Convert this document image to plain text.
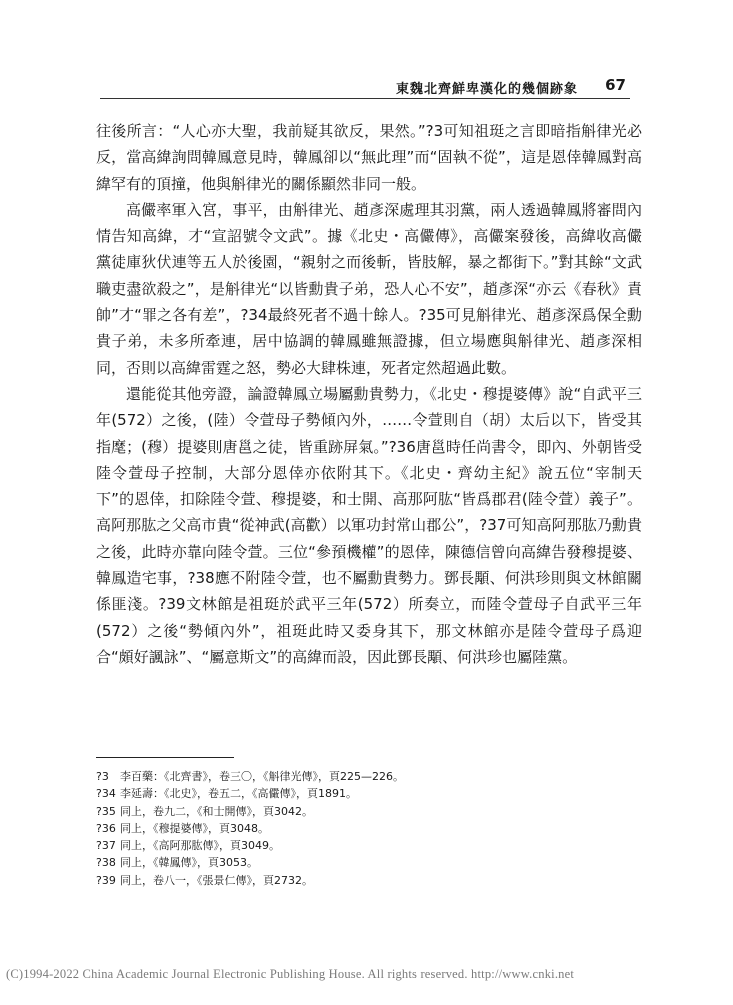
東魏北齊鮮卑漢化的幾個跡象 67

往後所言：“人心亦大聖，我前疑其欲反，果然。”?3可知祖珽之言即暗指斛律光必反，當高緯詢問韓鳳意見時，韓鳳卻以“無此理”而“固執不從”，這是恩倖韓鳳對高緯罕有的頂撞，他與斛律光的關係顯然非同一般。

高儼率軍入宮，事平，由斛律光、趙彥深處理其羽黨，兩人透過韓鳳將審問內情告知高緯，才“宣詔號令文武”。據《北史・高儼傳》，高儼案發後，高緯收高儼黨徒庫狄伏連等五人於後園，“親射之而後斬，皆肢解，暴之都街下。”對其餘“文武職吏盡欲殺之”，是斛律光“以皆勳貴子弟，恐人心不安”，趙彥深“亦云《春秋》責帥”才“罪之各有差”，?34最終死者不過十餘人。?35可見斛律光、趙彥深爲保全勳貴子弟，未多所牽連，居中協調的韓鳳雖無證據，但立場應與斛律光、趙彥深相同，否則以高緯雷霆之怒，勢必大肆株連，死者定然超過此數。

還能從其他旁證，論證韓鳳立場屬勳貴勢力，《北史・穆提婆傳》說“自武平三年(572）之後，(陸）令萱母子勢傾內外，……令萱則自（胡）太后以下，皆受其指麾；(穆）提婆則唐邕之徒，皆重跡屏氣。”?36唐邕時任尚書令，即內、外朝皆受陸令萱母子控制，大部分恩倖亦依附其下。《北史・齊幼主紀》說五位“宰制天下”的恩倖，扣除陸令萱、穆提婆，和士開、高那阿肱“皆爲郡君(陸令萱）義子”。高阿那肱之父高市貴“從神武(高歡）以軍功封常山郡公”，?37可知高阿那肱乃勳貴之後，此時亦靠向陸令萱。三位“參預機權”的恩倖，陳德信曾向高緯告發穆提婆、韓鳳造宅事，?38應不附陸令萱，也不屬勳貴勢力。鄧長顒、何洪珍則與文林館關係匪淺。?39文林館是祖珽於武平三年(572）所奏立，而陸令萱母子自武平三年(572）之後“勢傾內外”，祖珽此時又委身其下，那文林館亦是陸令萱母子爲迎合“頗好諷詠”、“屬意斯文”的高緯而設，因此鄧長顒、何洪珍也屬陸黨。

?3 李百藥：《北齊書》，卷三〇，《斛律光傳》，頁225—226。
?34 李延壽：《北史》，卷五二，《高儼傳》，頁1891。
?35 同上，卷九二，《和士開傳》，頁3042。
?36 同上，《穆提婆傳》，頁3048。
?37 同上，《高阿那肱傳》，頁3049。
?38 同上，《韓鳳傳》，頁3053。
?39 同上，卷八一，《張景仁傳》，頁2732。
(C)1994-2022 China Academic Journal Electronic Publishing House. All rights reserved. http://www.cnki.net
